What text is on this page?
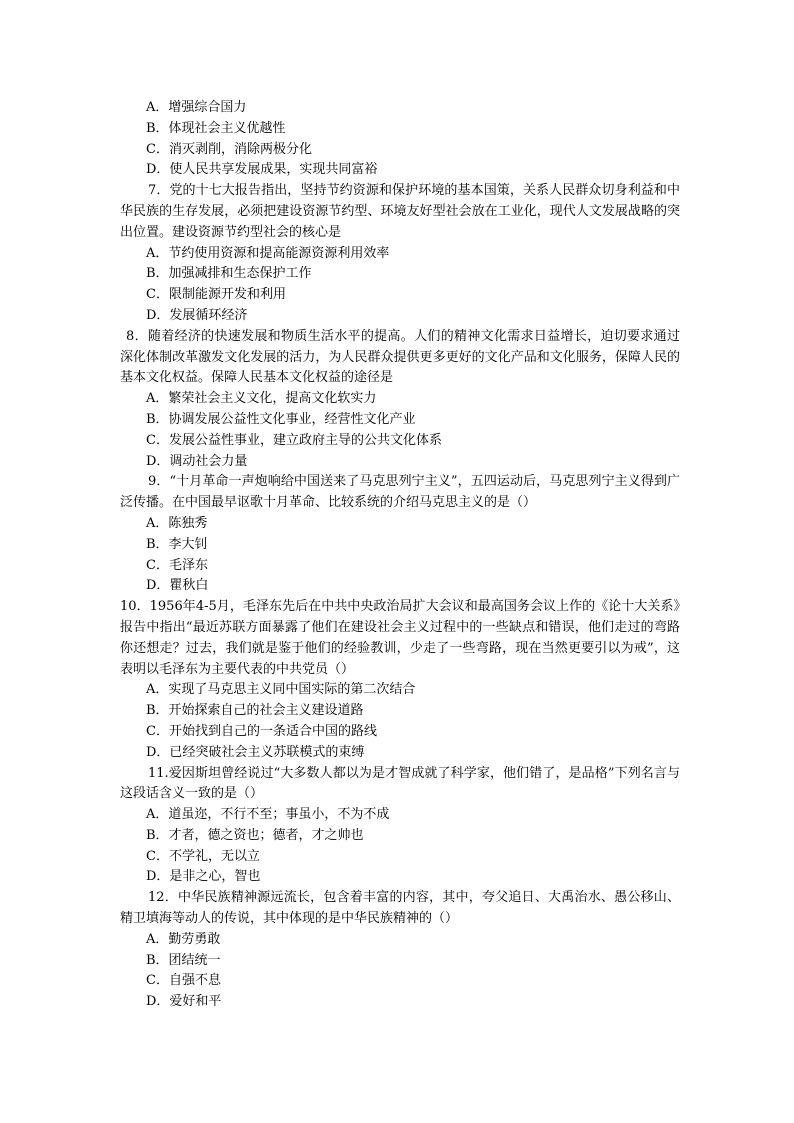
A．增强综合国力
B．体现社会主义优越性
C．消灭剥削，消除两极分化
D．使人民共享发展成果，实现共同富裕

7．党的十七大报告指出，坚持节约资源和保护环境的基本国策，关系人民群众切身利益和中华民族的生存发展，必须把建设资源节约型、环境友好型社会放在工业化，现代人文发展战略的突出位置。建设资源节约型社会的核心是

A．节约使用资源和提高能源资源利用效率
B．加强减排和生态保护工作
C．限制能源开发和利用
D．发展循环经济

8．随着经济的快速发展和物质生活水平的提高。人们的精神文化需求日益增长，迫切要求通过深化体制改革激发文化发展的活力，为人民群众提供更多更好的文化产品和文化服务，保障人民的基本文化权益。保障人民基本文化权益的途径是

A．繁荣社会主义文化，提高文化软实力
B．协调发展公益性文化事业，经营性文化产业
C．发展公益性事业，建立政府主导的公共文化体系
D．调动社会力量

9．“十月革命一声炮响给中国送来了马克思列宁主义”，五四运动后，马克思列宁主义得到广泛传播。在中国最早讴歌十月革命、比较系统的介绍马克思主义的是（）

A．陈独秀
B．李大钊
C．毛泽东
D．瞿秋白

10．1956年4-5月，毛泽东先后在中共中央政治局扩大会议和最高国务会议上作的《论十大关系》报告中指出“最近苏联方面暴露了他们在建设社会主义过程中的一些缺点和错误，他们走过的弯路你还想走？过去，我们就是鉴于他们的经验教训，少走了一些弯路，现在当然更要引以为戒”，这表明以毛泽东为主要代表的中共党员（）

A．实现了马克思主义同中国实际的第二次结合
B．开始探索自己的社会主义建设道路
C．开始找到自己的一条适合中国的路线
D．已经突破社会主义苏联模式的束缚

11.爱因斯坦曾经说过“大多数人都以为是才智成就了科学家，他们错了，是品格”下列名言与这段话含义一致的是（）

A．道虽迩，不行不至；事虽小，不为不成
B．才者，德之资也；德者，才之帅也
C．不学礼，无以立
D．是非之心，智也

12．中华民族精神源远流长，包含着丰富的内容，其中，夸父追日、大禹治水、愚公移山、精卫填海等动人的传说，其中体现的是中华民族精神的（）

A．勤劳勇敢
B．团结统一
C．自强不息
D．爱好和平
